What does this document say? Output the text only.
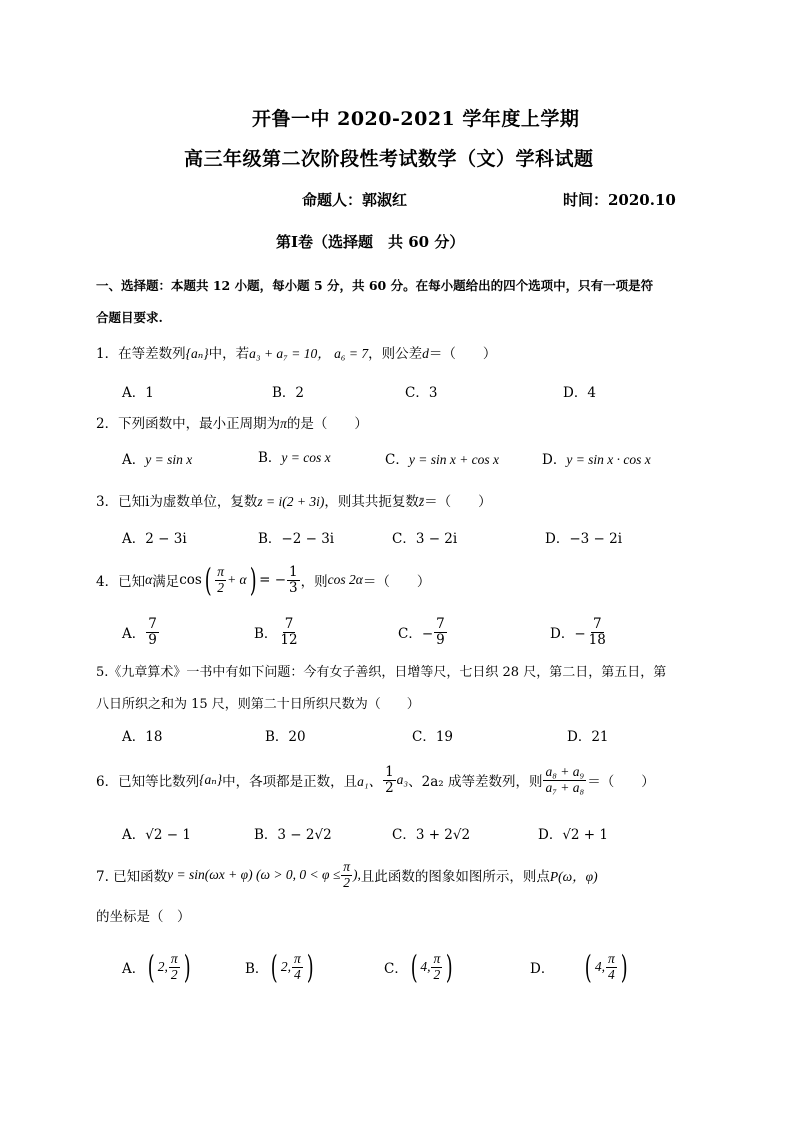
开鲁一中 2020-2021 学年度上学期
高三年级第二次阶段性考试数学（文）学科试题
命题人：郭淑红	时间：2020.10
第Ⅰ卷（选择题　共 60 分）
一、选择题：本题共 12 小题，每小题 5 分，共 60 分。在每小题给出的四个选项中，只有一项是符
合题目要求.
1．在等差数列{aₙ}中，若a₃ + a₇ = 10， a₆ = 7，则公差d＝（　　）
A．1	B．2	C．3	D．4
2．下列函数中，最小正周期为π的是（　　）
A．y = sin x	B．y = cos x	C．y = sin x + cos x	D．y = sin x · cos x
3．已知i为虚数单位，复数z = i(2 + 3i)，则其共扼复数z̄＝（　　）
A．2 − 3i	B．−2 − 3i	C．3 − 2i	D．−3 − 2i
4．已知 α 满足 cos ( $\frac{\pi}{2} + \alpha$ ) = − $\frac{1}{3}$ ，则 cos 2α ＝（　　）
A． $\frac{7}{9}$	B． $\frac{7}{12}$	C．− $\frac{7}{9}$	D．− $\frac{7}{18}$
5.《九章算术》一书中有如下问题：今有女子善织，日增等尺，七日织 28 尺，第二日，第五日，第
八日所织之和为 15 尺，则第二十日所织尺数为（　　）
A．18	B．20	C．19	D．21
6．已知等比数列 {aₙ} 中，各项都是正数，且 a₁、 $\frac{1}{2} a_3$ 、2a₂ 成等差数列，则 $\frac{\text{a₈ + a₉}}{\text{a₇ + a₈}}$ ＝（　　）
A．√2 − 1	B．3 − 2√2	C．3 + 2√2	D．√2 + 1
7. 已知函数 y = sin(ωx + φ) (ω > 0, $0 < \varphi \le \frac{\pi}{2}$ ), 且此函数的图象如图所示，则点 P(ω，φ)
的坐标是（　）
A． ( 2, $\frac{\pi}{2}$ )	B． ( 2, $\frac{\pi}{4}$ )	C． ( 4, $\frac{\pi}{2}$ )	D． ( 4, $\frac{\pi}{4}$ )
